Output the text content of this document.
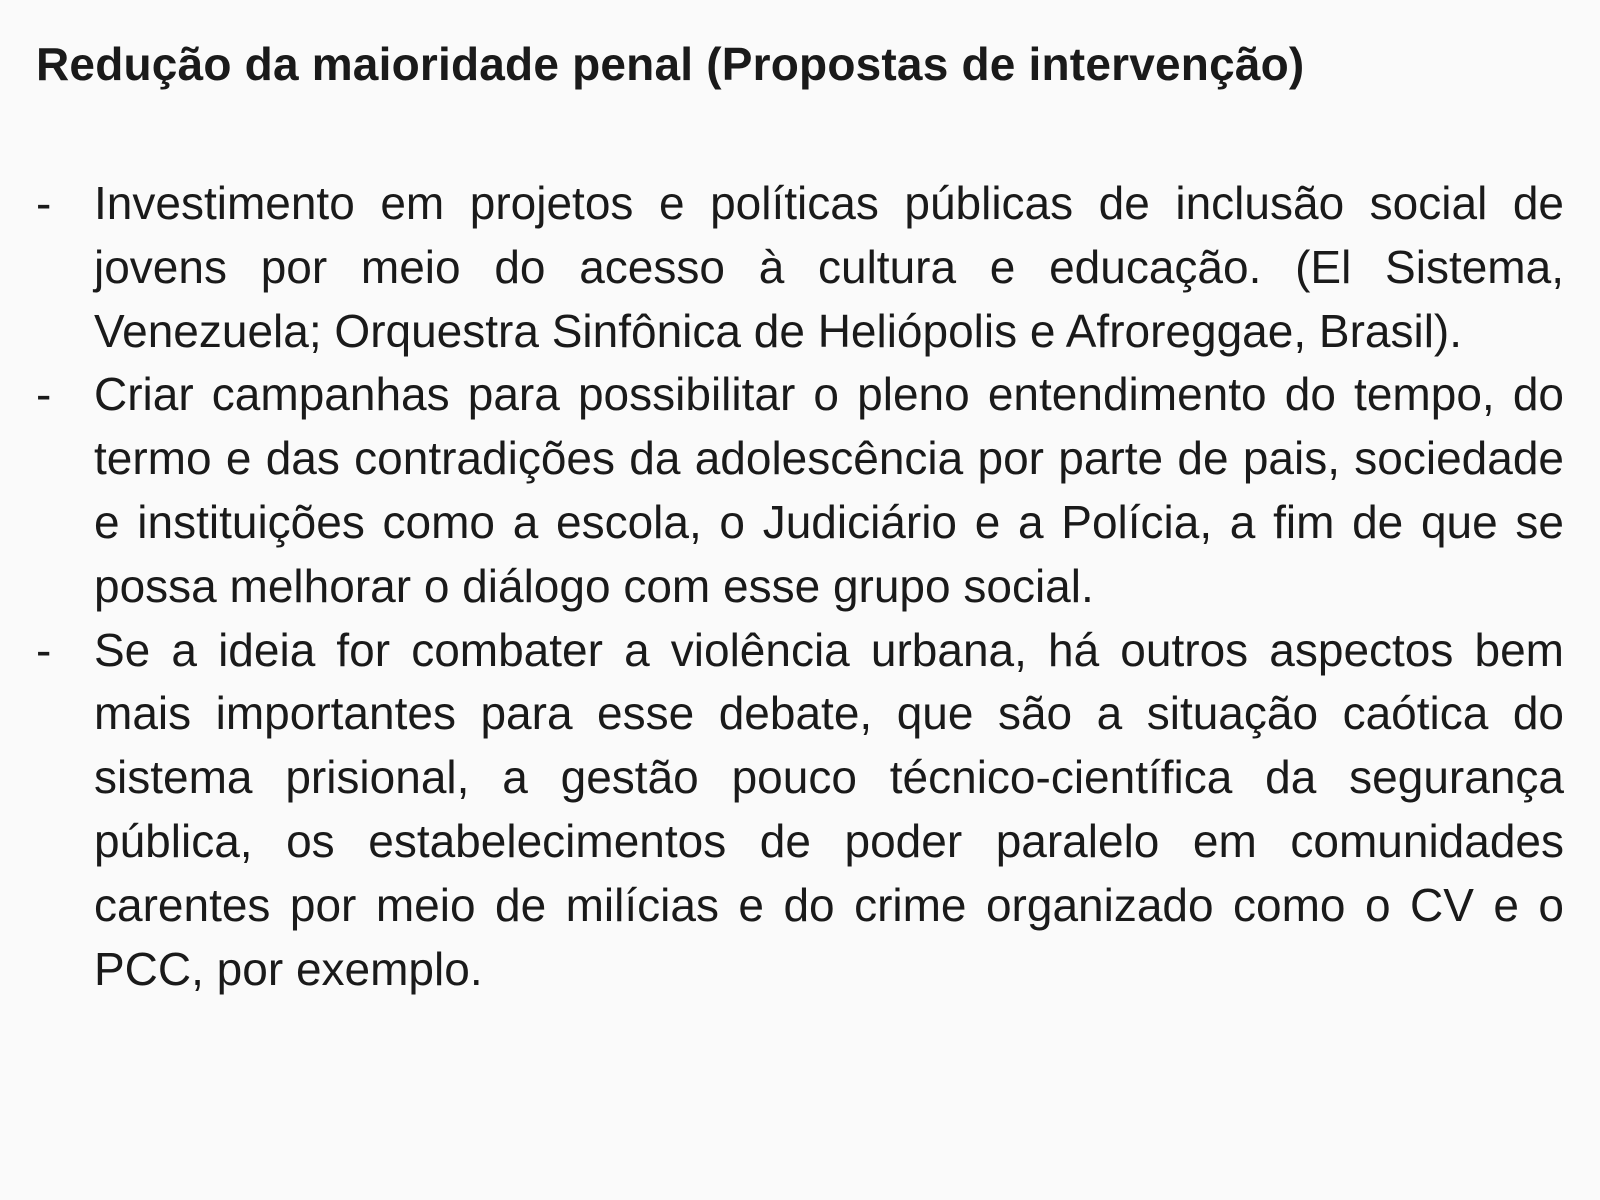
Redução da maioridade penal (Propostas de intervenção)
- Investimento em projetos e políticas públicas de inclusão social de jovens por meio do acesso à cultura e educação. (El Sistema, Venezuela; Orquestra Sinfônica de Heliópolis e Afroreggae, Brasil).
- Criar campanhas para possibilitar o pleno entendimento do tempo, do termo e das contradições da adolescência por parte de pais, sociedade e instituições como a escola, o Judiciário e a Polícia, a fim de que se possa melhorar o diálogo com esse grupo social.
- Se a ideia for combater a violência urbana, há outros aspectos bem mais importantes para esse debate, que são a situação caótica do sistema prisional, a gestão pouco técnico-científica da segurança pública, os estabelecimentos de poder paralelo em comunidades carentes por meio de milícias e do crime organizado como o CV e o PCC, por exemplo.
